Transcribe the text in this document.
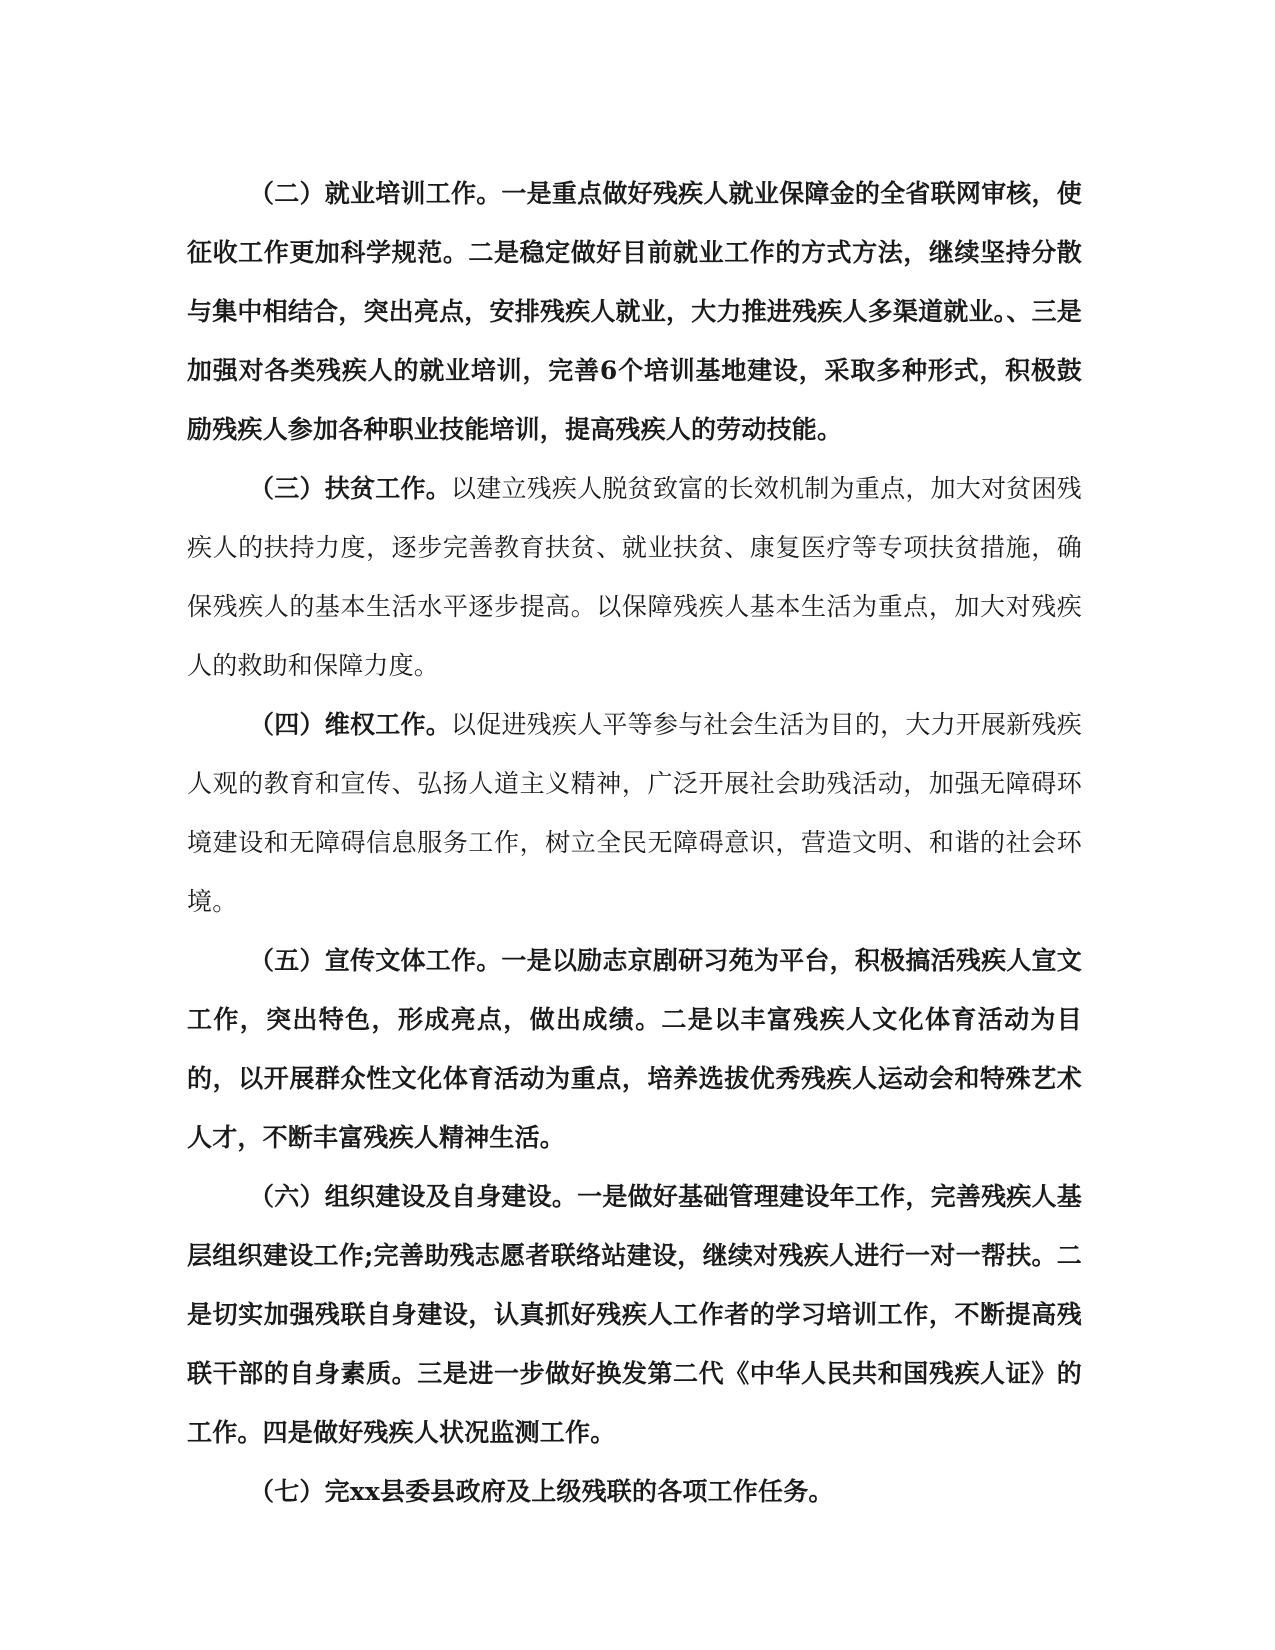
（二）就业培训工作。一是重点做好残疾人就业保障金的全省联网审核，使征收工作更加科学规范。二是稳定做好目前就业工作的方式方法，继续坚持分散与集中相结合，突出亮点，安排残疾人就业，大力推进残疾人多渠道就业。、三是加强对各类残疾人的就业培训，完善6个培训基地建设，采取多种形式，积极鼓励残疾人参加各种职业技能培训，提高残疾人的劳动技能。

（三）扶贫工作。以建立残疾人脱贫致富的长效机制为重点，加大对贫困残疾人的扶持力度，逐步完善教育扶贫、就业扶贫、康复医疗等专项扶贫措施，确保残疾人的基本生活水平逐步提高。以保障残疾人基本生活为重点，加大对残疾人的救助和保障力度。

（四）维权工作。以促进残疾人平等参与社会生活为目的，大力开展新残疾人观的教育和宣传、弘扬人道主义精神，广泛开展社会助残活动，加强无障碍环境建设和无障碍信息服务工作，树立全民无障碍意识，营造文明、和谐的社会环境。

（五）宣传文体工作。一是以励志京剧研习苑为平台，积极搞活残疾人宣文工作，突出特色，形成亮点，做出成绩。二是以丰富残疾人文化体育活动为目的，以开展群众性文化体育活动为重点，培养选拔优秀残疾人运动会和特殊艺术人才，不断丰富残疾人精神生活。

（六）组织建设及自身建设。一是做好基础管理建设年工作，完善残疾人基层组织建设工作;完善助残志愿者联络站建设，继续对残疾人进行一对一帮扶。二是切实加强残联自身建设，认真抓好残疾人工作者的学习培训工作，不断提高残联干部的自身素质。三是进一步做好换发第二代《中华人民共和国残疾人证》的工作。四是做好残疾人状况监测工作。

（七）完xx县委县政府及上级残联的各项工作任务。
